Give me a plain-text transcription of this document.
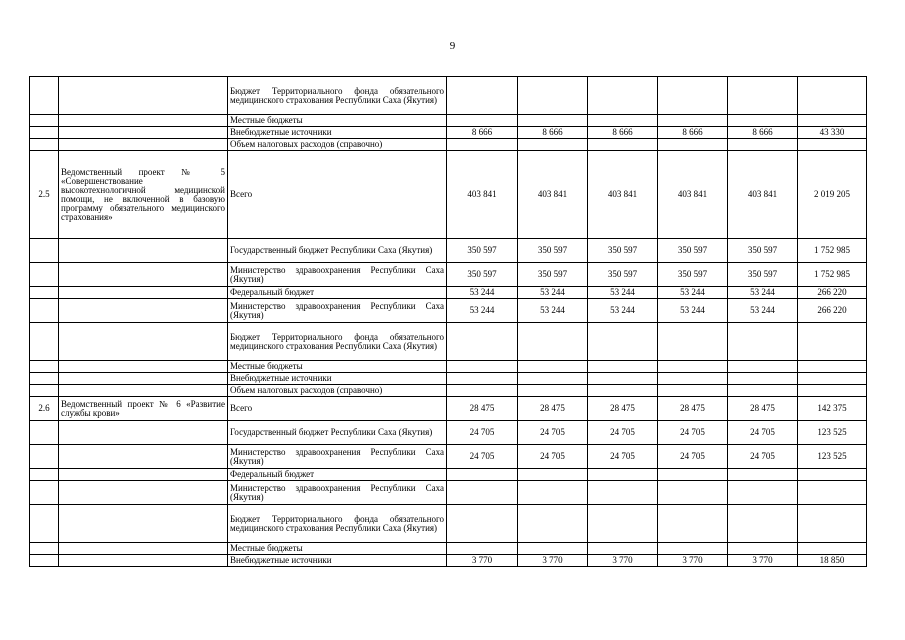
9
		Бюджет Территориального фонда обязательного медицинского страхования Республики Саха (Якутия)						
		Местные бюджеты						
		Внебюджетные источники	8 666	8 666	8 666	8 666	8 666	43 330
		Объем налоговых расходов (справочно)						
2.5	Ведомственный проект № 5 «Совершенствование высокотехнологичной медицинской помощи, не включенной в базовую программу обязательного медицинского страхования»	Всего	403 841	403 841	403 841	403 841	403 841	2 019 205
		Государственный бюджет Республики Саха (Якутия)	350 597	350 597	350 597	350 597	350 597	1 752 985
		Министерство здравоохранения Республики Саха (Якутия)	350 597	350 597	350 597	350 597	350 597	1 752 985
		Федеральный бюджет	53 244	53 244	53 244	53 244	53 244	266 220
		Министерство здравоохранения Республики Саха (Якутия)	53 244	53 244	53 244	53 244	53 244	266 220
		Бюджет Территориального фонда обязательного медицинского страхования Республики Саха (Якутия)						
		Местные бюджеты						
		Внебюджетные источники						
		Объем налоговых расходов (справочно)						
2.6	Ведомственный проект № 6 «Развитие службы крови»	Всего	28 475	28 475	28 475	28 475	28 475	142 375
		Государственный бюджет Республики Саха (Якутия)	24 705	24 705	24 705	24 705	24 705	123 525
		Министерство здравоохранения Республики Саха (Якутия)	24 705	24 705	24 705	24 705	24 705	123 525
		Федеральный бюджет						
		Министерство здравоохранения Республики Саха (Якутия)						
		Бюджет Территориального фонда обязательного медицинского страхования Республики Саха (Якутия)						
		Местные бюджеты						
		Внебюджетные источники	3 770	3 770	3 770	3 770	3 770	18 850
